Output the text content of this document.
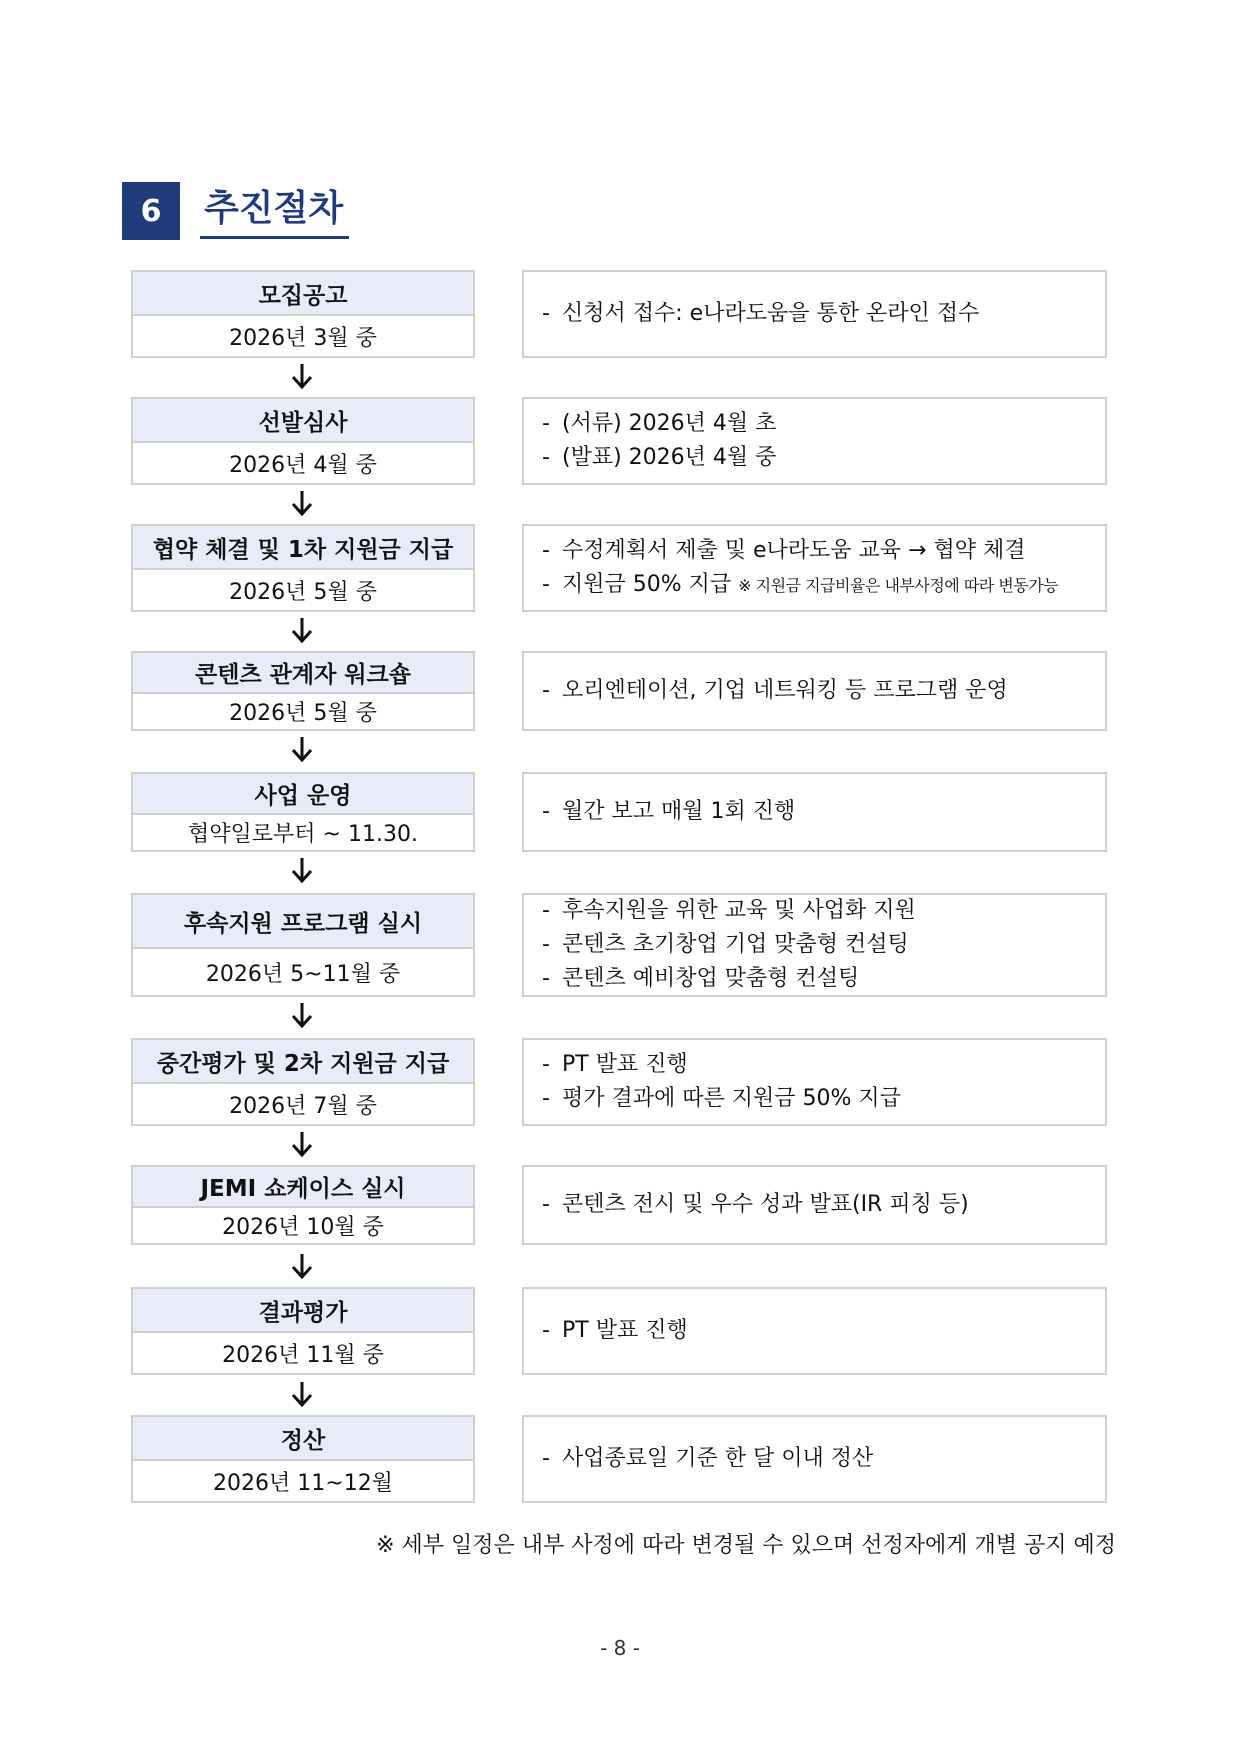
6	추진절차
모집공고
2026년 3월 중
- 신청서 접수: e나라도움을 통한 온라인 접수
선발심사
2026년 4월 중
- (서류) 2026년 4월 초
- (발표) 2026년 4월 중
협약 체결 및 1차 지원금 지급
2026년 5월 중
- 수정계획서 제출 및 e나라도움 교육 → 협약 체결
- 지원금 50% 지급 ※ 지원금 지급비율은 내부사정에 따라 변동가능
콘텐츠 관계자 워크숍
2026년 5월 중
- 오리엔테이션, 기업 네트워킹 등 프로그램 운영
사업 운영
협약일로부터 ~ 11.30.
- 월간 보고 매월 1회 진행
후속지원 프로그램 실시
2026년 5~11월 중
- 후속지원을 위한 교육 및 사업화 지원
- 콘텐츠 초기창업 기업 맞춤형 컨설팅
- 콘텐츠 예비창업 맞춤형 컨설팅
중간평가 및 2차 지원금 지급
2026년 7월 중
- PT 발표 진행
- 평가 결과에 따른 지원금 50% 지급
JEMI 쇼케이스 실시
2026년 10월 중
- 콘텐츠 전시 및 우수 성과 발표(IR 피칭 등)
결과평가
2026년 11월 중
- PT 발표 진행
정산
2026년 11~12월
- 사업종료일 기준 한 달 이내 정산
※ 세부 일정은 내부 사정에 따라 변경될 수 있으며 선정자에게 개별 공지 예정
- 8 -
